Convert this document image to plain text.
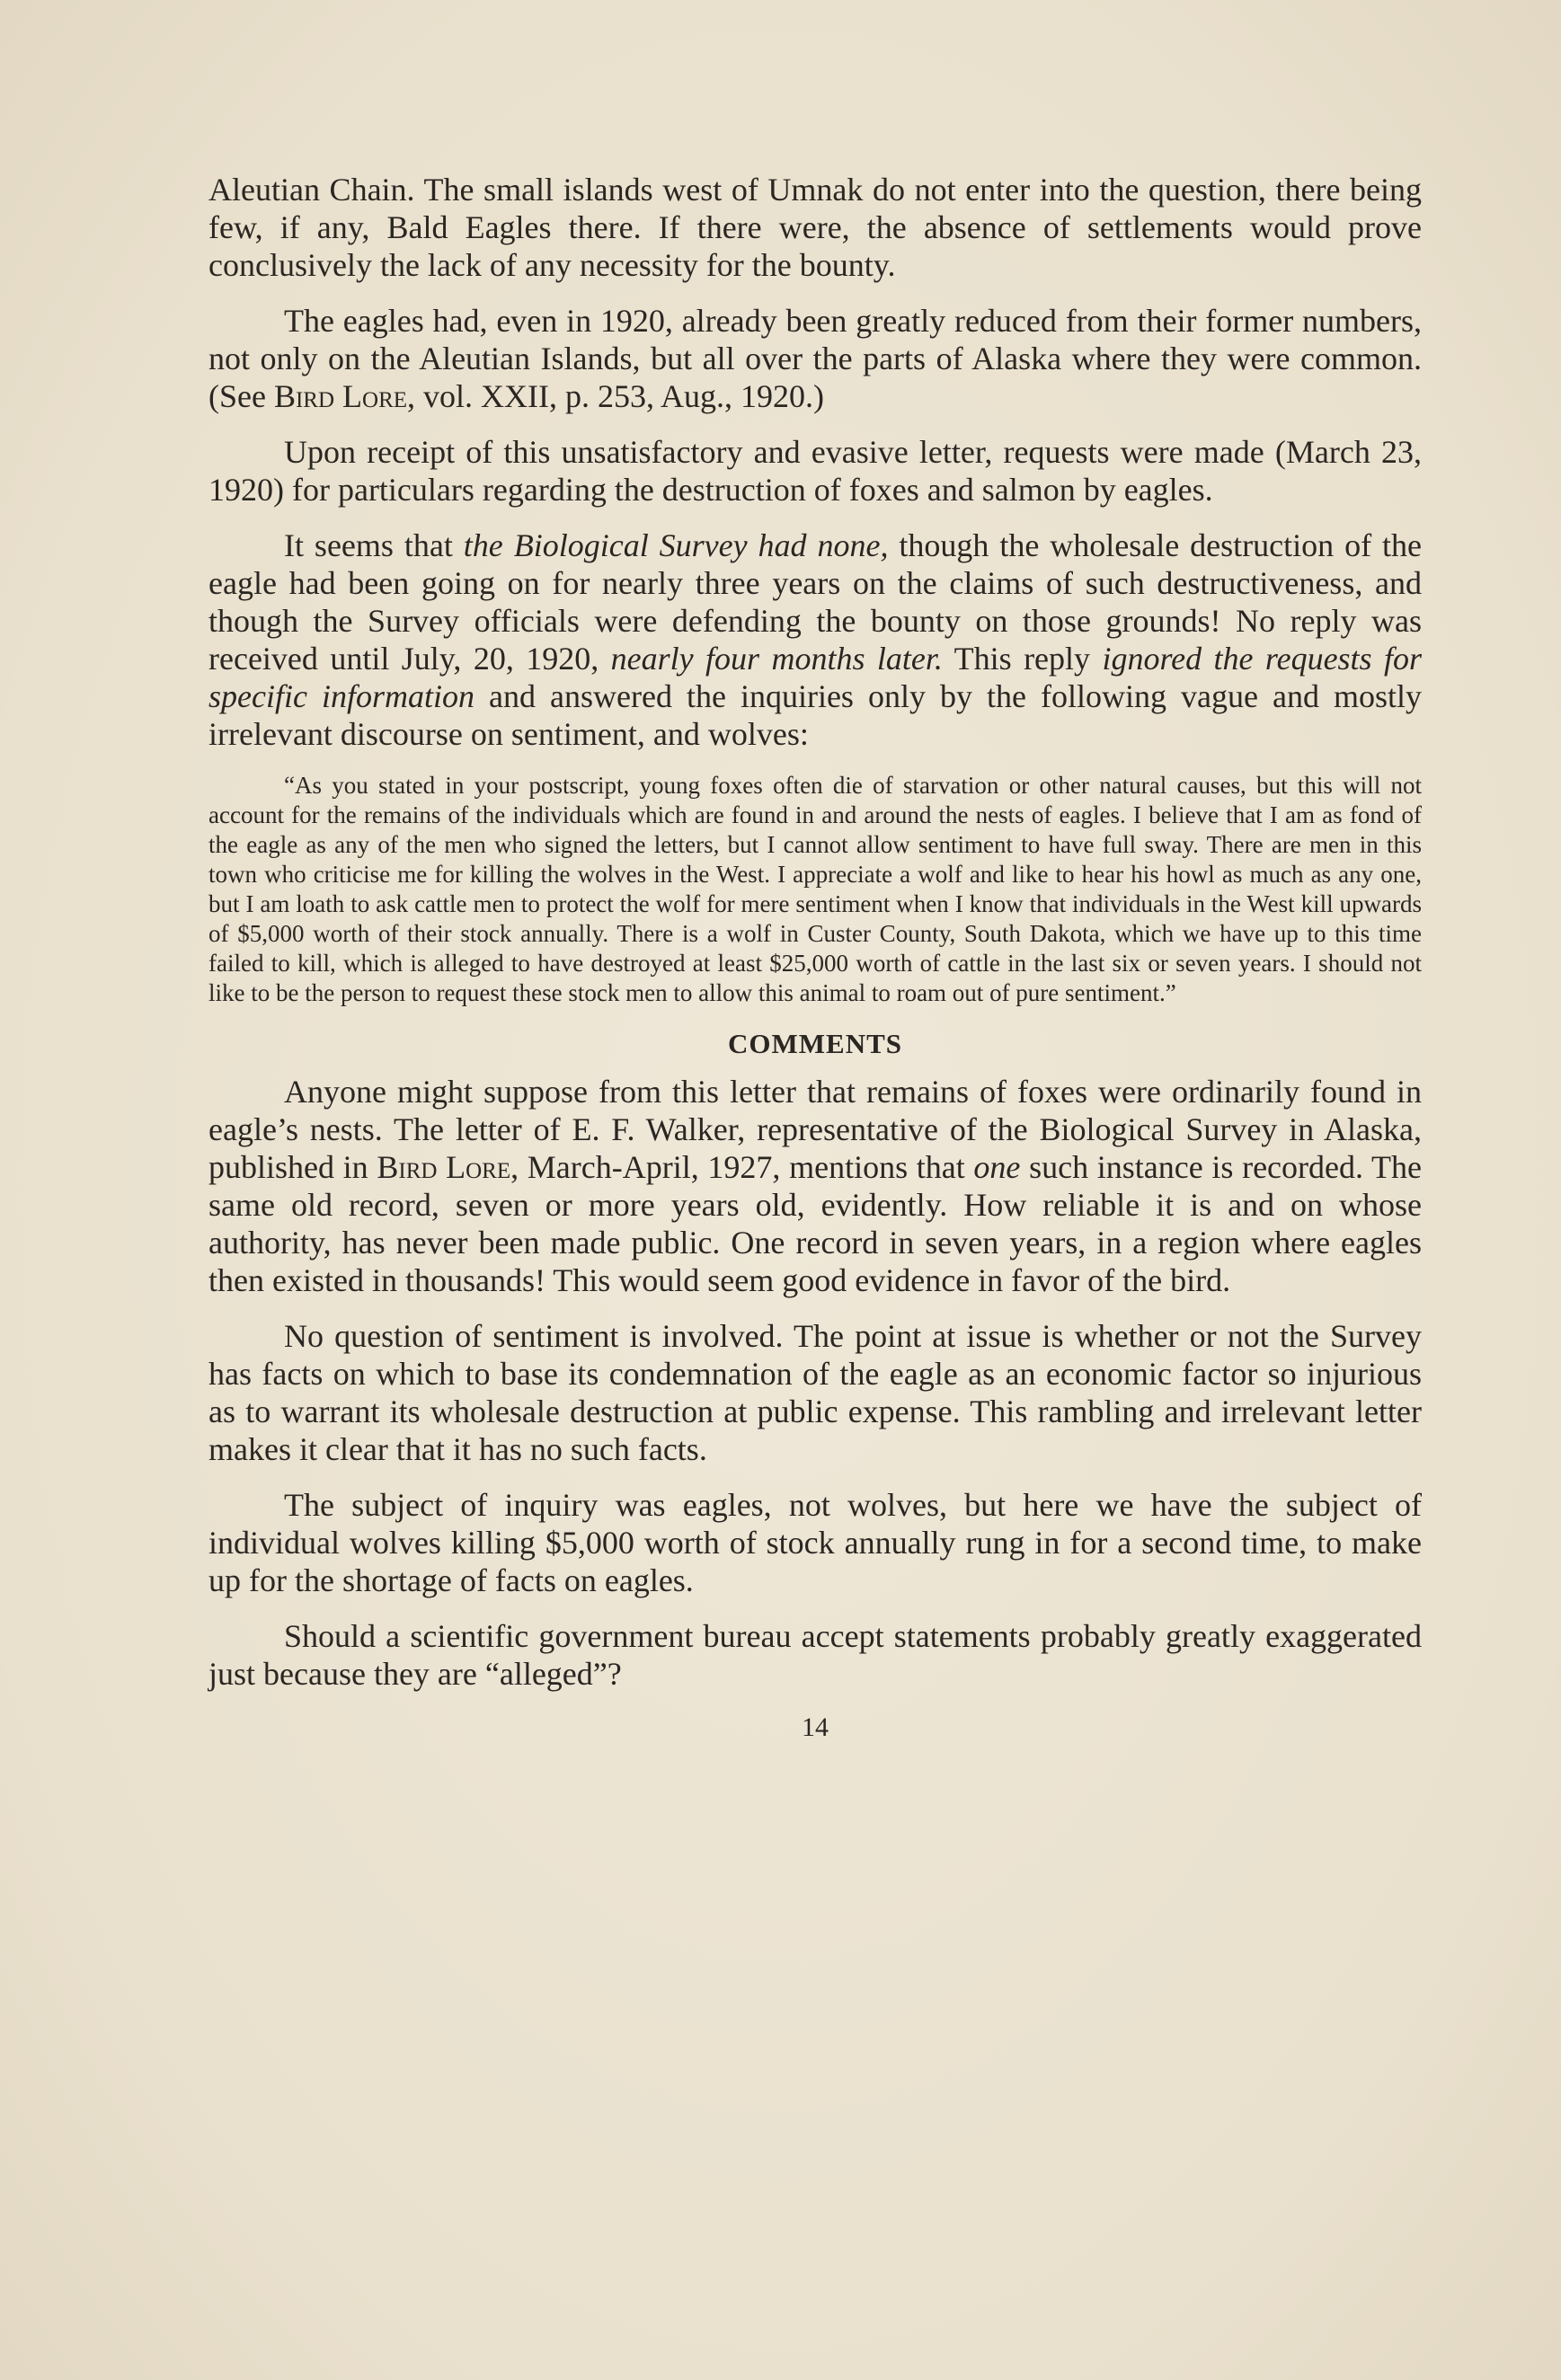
Aleutian Chain. The small islands west of Umnak do not enter into the question, there being few, if any, Bald Eagles there. If there were, the absence of settlements would prove conclusively the lack of any necessity for the bounty.

The eagles had, even in 1920, already been greatly reduced from their former numbers, not only on the Aleutian Islands, but all over the parts of Alaska where they were common. (See Bird Lore, vol. XXII, p. 253, Aug., 1920.)

Upon receipt of this unsatisfactory and evasive letter, requests were made (March 23, 1920) for particulars regarding the destruction of foxes and salmon by eagles.

It seems that the Biological Survey had none, though the wholesale destruction of the eagle had been going on for nearly three years on the claims of such destructiveness, and though the Survey officials were defending the bounty on those grounds! No reply was received until July, 20, 1920, nearly four months later. This reply ignored the requests for specific information and answered the inquiries only by the following vague and mostly irrelevant discourse on sentiment, and wolves:

“As you stated in your postscript, young foxes often die of starvation or other natural causes, but this will not account for the remains of the individuals which are found in and around the nests of eagles. I believe that I am as fond of the eagle as any of the men who signed the letters, but I cannot allow sentiment to have full sway. There are men in this town who criticise me for killing the wolves in the West. I appreciate a wolf and like to hear his howl as much as any one, but I am loath to ask cattle men to protect the wolf for mere sentiment when I know that individuals in the West kill upwards of $5,000 worth of their stock annually. There is a wolf in Custer County, South Dakota, which we have up to this time failed to kill, which is alleged to have destroyed at least $25,000 worth of cattle in the last six or seven years. I should not like to be the person to request these stock men to allow this animal to roam out of pure sentiment.”

COMMENTS

Anyone might suppose from this letter that remains of foxes were ordinarily found in eagle’s nests. The letter of E. F. Walker, representative of the Biological Survey in Alaska, published in Bird Lore, March-April, 1927, mentions that one such instance is recorded. The same old record, seven or more years old, evidently. How reliable it is and on whose authority, has never been made public. One record in seven years, in a region where eagles then existed in thousands! This would seem good evidence in favor of the bird.

No question of sentiment is involved. The point at issue is whether or not the Survey has facts on which to base its condemnation of the eagle as an economic factor so injurious as to warrant its wholesale destruction at public expense. This rambling and irrelevant letter makes it clear that it has no such facts.

The subject of inquiry was eagles, not wolves, but here we have the subject of individual wolves killing $5,000 worth of stock annually rung in for a second time, to make up for the shortage of facts on eagles.

Should a scientific government bureau accept statements probably greatly exaggerated just because they are “alleged”?

14
